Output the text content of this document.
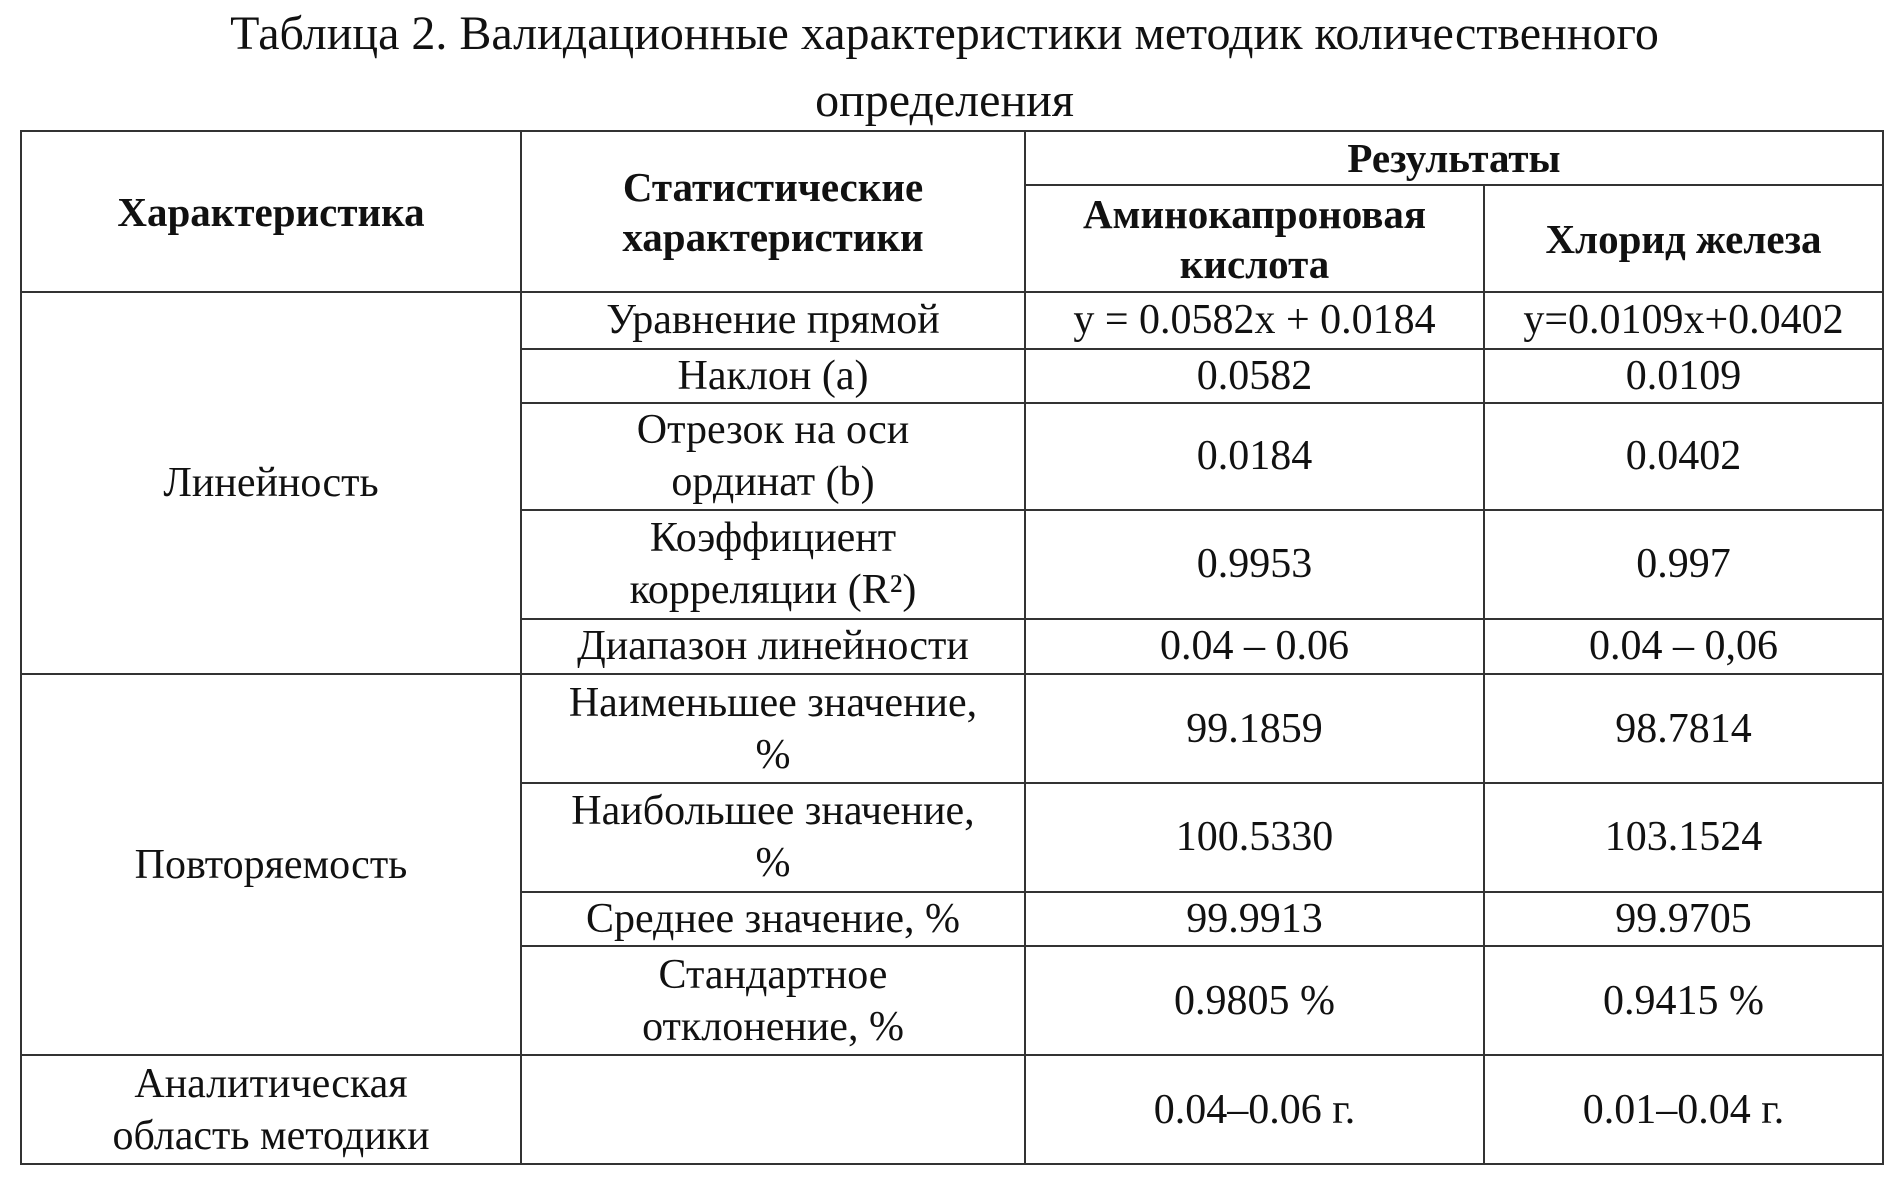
Таблица 2. Валидационные характеристики методик количественного
определения
Характеристика	Статистические
характеристики	Результаты	

		Аминокапроновая
кислота	Хлорид железа
Линейность	Уравнение прямой	y = 0.0582x + 0.0184	y=0.0109x+0.0402

	Наклон (a)	0.0582	0.0109

	Отрезок на оси
ординат (b)	0.0184	0.0402

	Коэффициент
корреляции (R²)	0.9953	0.997

	Диапазон линейности	0.04 – 0.06	0.04 – 0,06
Повторяемость	Наименьшее значение,
%	99.1859	98.7814

	Наибольшее значение,
%	100.5330	103.1524

	Среднее значение, %	99.9913	99.9705

	Стандартное
отклонение, %	0.9805 %	0.9415 %

Аналитическая
область методики		0.04–0.06 г.	0.01–0.04 г.
